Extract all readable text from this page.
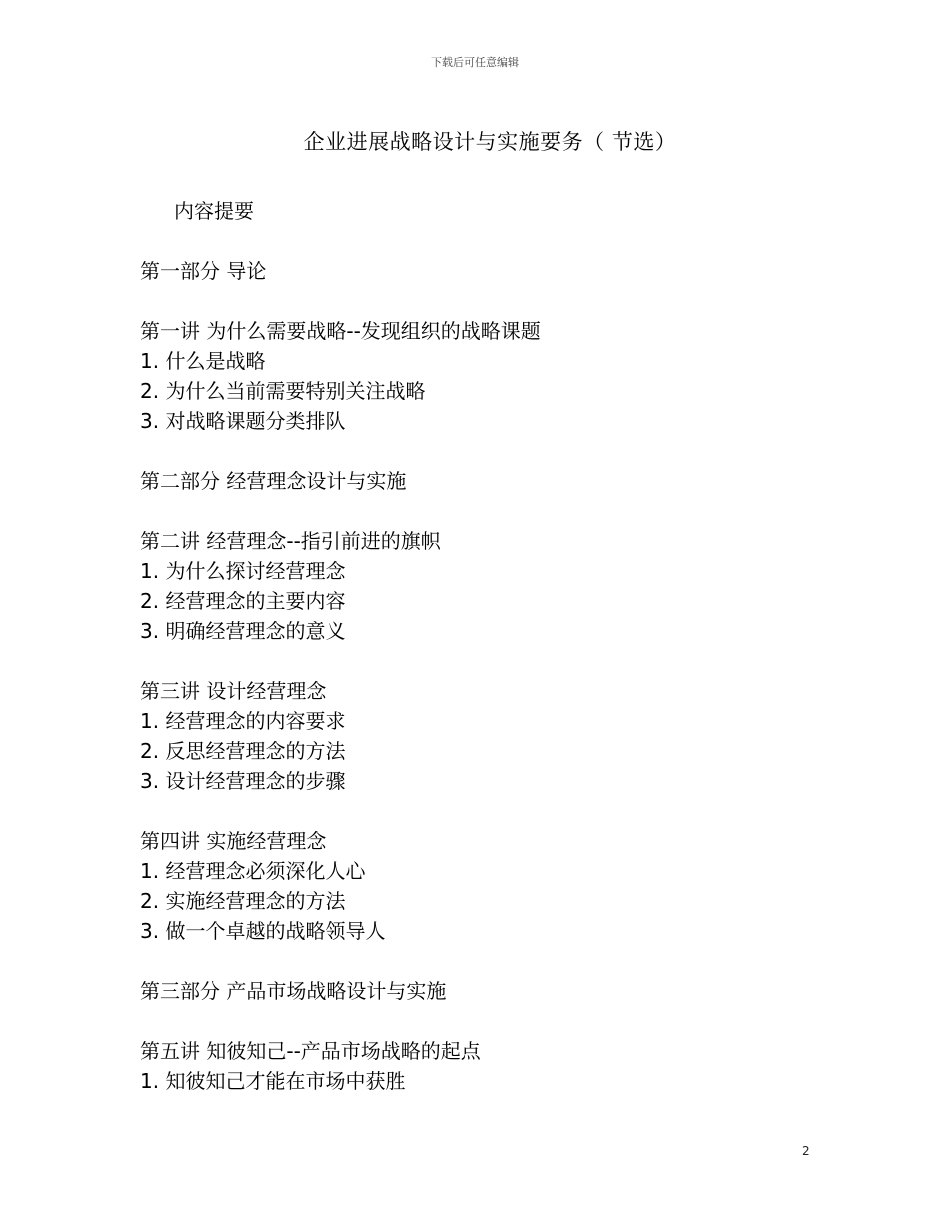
下载后可任意编辑
企业进展战略设计与实施要务（ 节选）
内容提要
第一部分 导论
第一讲 为什么需要战略--发现组织的战略课题
1. 什么是战略
2. 为什么当前需要特别关注战略
3. 对战略课题分类排队
第二部分 经营理念设计与实施
第二讲 经营理念--指引前进的旗帜
1. 为什么探讨经营理念
2. 经营理念的主要内容
3. 明确经营理念的意义
第三讲 设计经营理念
1. 经营理念的内容要求
2. 反思经营理念的方法
3. 设计经营理念的步骤
第四讲 实施经营理念
1. 经营理念必须深化人心
2. 实施经营理念的方法
3. 做一个卓越的战略领导人
第三部分 产品市场战略设计与实施
第五讲 知彼知己--产品市场战略的起点
1. 知彼知己才能在市场中获胜
2
